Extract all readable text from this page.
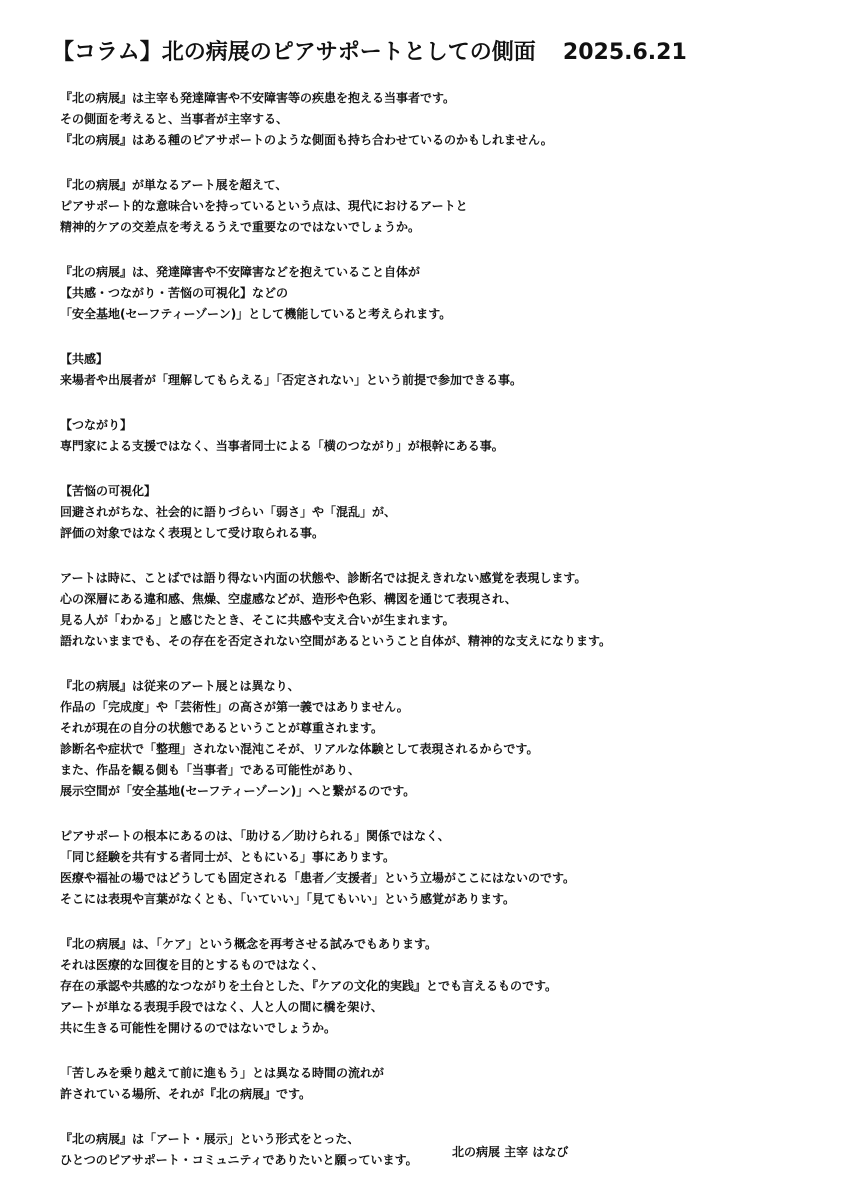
【コラム】北の病展のピアサポートとしての側面 2025.6.21
『北の病展』は主宰も発達障害や不安障害等の疾患を抱える当事者です。
その側面を考えると、当事者が主宰する、
『北の病展』はある種のピアサポートのような側面も持ち合わせているのかもしれません。
『北の病展』が単なるアート展を超えて、
ピアサポート的な意味合いを持っているという点は、現代におけるアートと
精神的ケアの交差点を考えるうえで重要なのではないでしょうか。
『北の病展』は、発達障害や不安障害などを抱えていること自体が
【共感・つながり・苦悩の可視化】などの
「安全基地(セーフティーゾーン)」として機能していると考えられます。
【共感】
来場者や出展者が「理解してもらえる」「否定されない」という前提で参加できる事。
【つながり】
専門家による支援ではなく、当事者同士による「横のつながり」が根幹にある事。
【苦悩の可視化】
回避されがちな、社会的に語りづらい「弱さ」や「混乱」が、
評価の対象ではなく表現として受け取られる事。
アートは時に、ことばでは語り得ない内面の状態や、診断名では捉えきれない感覚を表現します。
心の深層にある違和感、焦燥、空虚感などが、造形や色彩、構図を通じて表現され、
見る人が「わかる」と感じたとき、そこに共感や支え合いが生まれます。
語れないままでも、その存在を否定されない空間があるということ自体が、精神的な支えになります。
『北の病展』は従来のアート展とは異なり、
作品の「完成度」や「芸術性」の高さが第一義ではありません。
それが現在の自分の状態であるということが尊重されます。
診断名や症状で「整理」されない混沌こそが、リアルな体験として表現されるからです。
また、作品を観る側も「当事者」である可能性があり、
展示空間が「安全基地(セーフティーゾーン)」へと繋がるのです。
ピアサポートの根本にあるのは、「助ける／助けられる」関係ではなく、
「同じ経験を共有する者同士が、ともにいる」事にあります。
医療や福祉の場ではどうしても固定される「患者／支援者」という立場がここにはないのです。
そこには表現や言葉がなくとも、「いていい」「見てもいい」という感覚があります。
『北の病展』は、「ケア」という概念を再考させる試みでもあります。
それは医療的な回復を目的とするものではなく、
存在の承認や共感的なつながりを土台とした、『ケアの文化的実践』とでも言えるものです。
アートが単なる表現手段ではなく、人と人の間に橋を架け、
共に生きる可能性を開けるのではないでしょうか。
「苦しみを乗り越えて前に進もう」とは異なる時間の流れが
許されている場所、それが『北の病展』です。
『北の病展』は「アート・展示」という形式をとった、
ひとつのピアサポート・コミュニティでありたいと願っています。
北の病展 主宰 はなび
